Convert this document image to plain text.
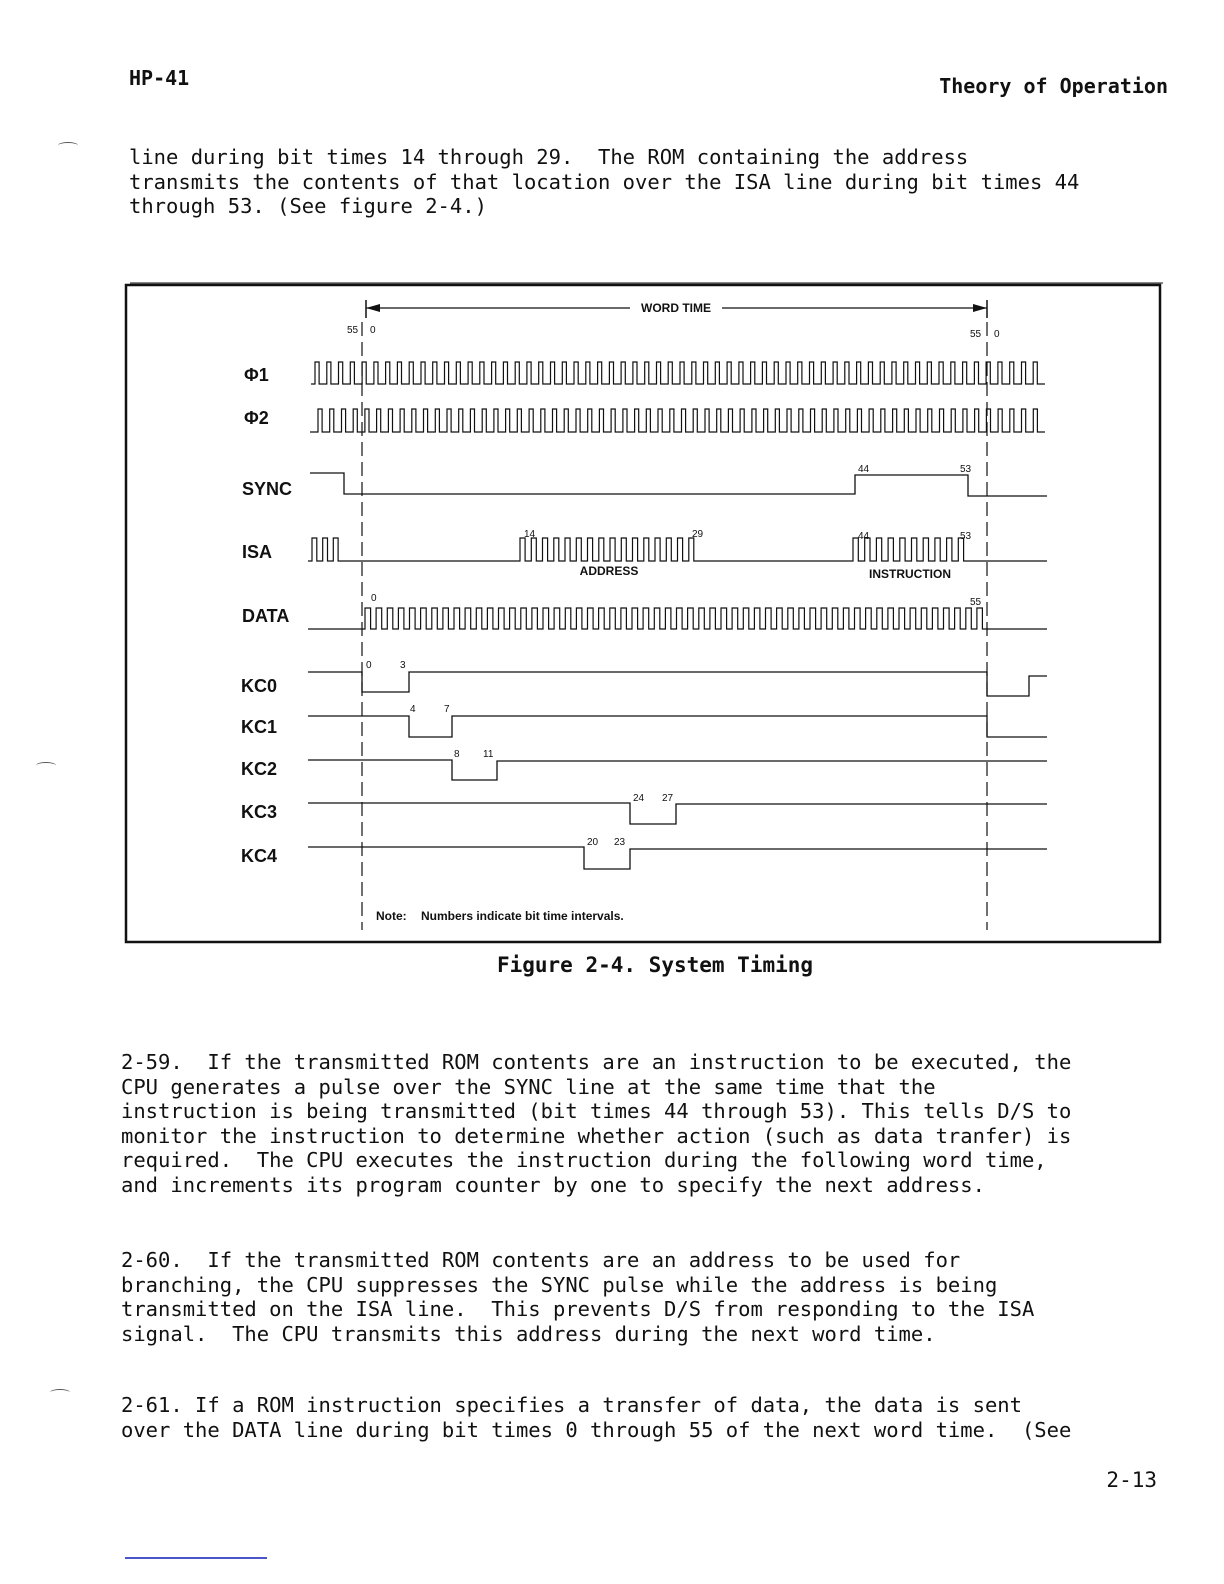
HP-41	Theory of Operation
line during bit times 14 through 29.  The ROM containing the address
transmits the contents of that location over the ISA line during bit times 44
through 53. (See figure 2-4.)
WORD TIME
55 0	55 0
Φ1
Φ2
SYNC
ISA
DATA
KC0
KC1
KC2
KC3
KC4
44	53
14	29	44	53
ADDRESS	INSTRUCTION
0	55
0	3
4	7
8 11
24 27
20 23
Note: Numbers indicate bit time intervals.
Figure 2-4. System Timing
2-59.  If the transmitted ROM contents are an instruction to be executed, the
CPU generates a pulse over the SYNC line at the same time that the
instruction is being transmitted (bit times 44 through 53). This tells D/S to
monitor the instruction to determine whether action (such as data tranfer) is
required.  The CPU executes the instruction during the following word time,
and increments its program counter by one to specify the next address.
2-60.  If the transmitted ROM contents are an address to be used for
branching, the CPU suppresses the SYNC pulse while the address is being
transmitted on the ISA line.  This prevents D/S from responding to the ISA
signal.  The CPU transmits this address during the next word time.
2-61. If a ROM instruction specifies a transfer of data, the data is sent
over the DATA line during bit times 0 through 55 of the next word time.  (See
2-13
